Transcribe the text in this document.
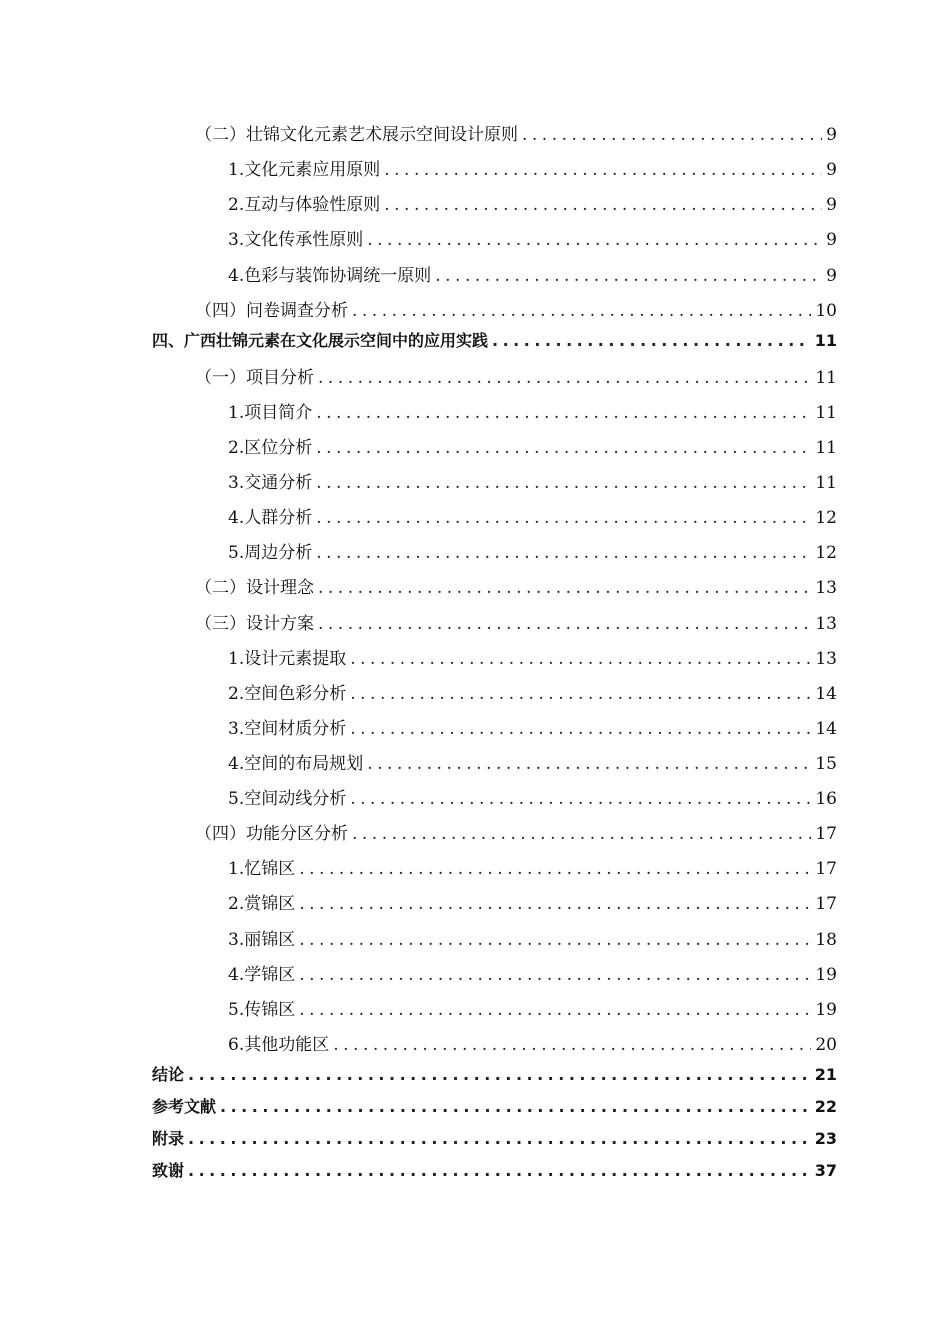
（二）壮锦文化元素艺术展示空间设计原则 .....	9
1.文化元素应用原则 .....	9
2.互动与体验性原则 .....	9
3.文化传承性原则 .....	9
4.色彩与装饰协调统一原则 .....	9
（四）问卷调查分析 .....	10
四、广西壮锦元素在文化展示空间中的应用实践 .....	11
（一）项目分析 .....	11
1.项目简介 .....	11
2.区位分析 .....	11
3.交通分析 .....	11
4.人群分析 .....	12
5.周边分析 .....	12
（二）设计理念 .....	13
（三）设计方案 .....	13
1.设计元素提取 .....	13
2.空间色彩分析 .....	14
3.空间材质分析 .....	14
4.空间的布局规划 .....	15
5.空间动线分析 .....	16
（四）功能分区分析 .....	17
1.忆锦区 .....	17
2.赏锦区 .....	17
3.丽锦区 .....	18
4.学锦区 .....	19
5.传锦区 .....	19
6.其他功能区 .....	20
结论 .....	21
参考文献 .....	22
附录 .....	23
致谢 .....	37
